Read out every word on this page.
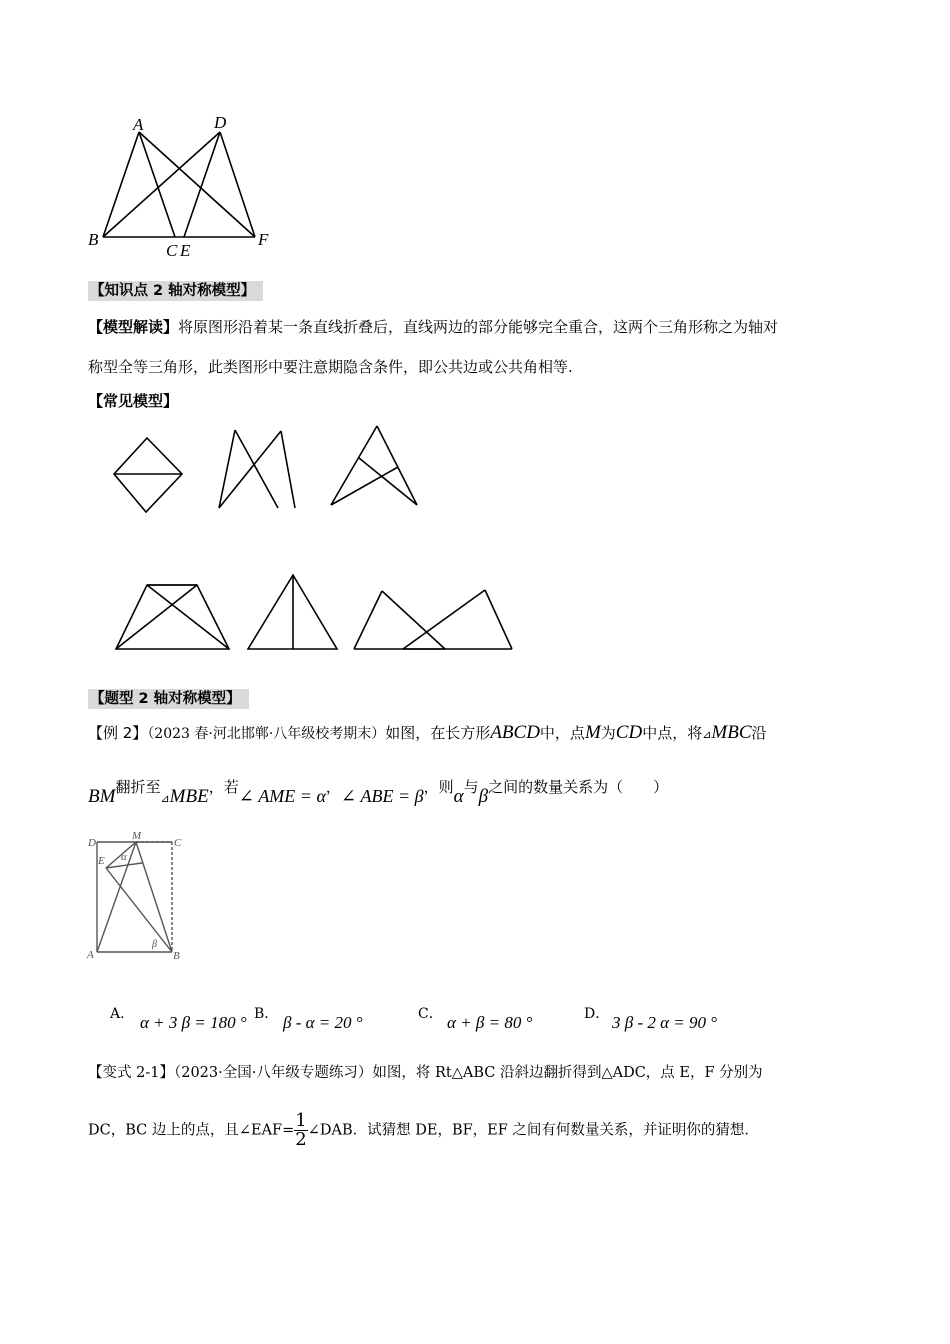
A	D
B
C E
F
【知识点 2 轴对称模型】
【模型解读】将原图形沿着某一条直线折叠后，直线两边的部分能够完全重合，这两个三角形称之为轴对
称型全等三角形，此类图形中要注意期隐含条件，即公共边或公共角相等.
【常见模型】
【题型 2 轴对称模型】
【例 2】（2023 春·河北邯郸·八年级校考期末）如图，在长方形ABCD中，点M为CD中点，将⊿MBC沿
BM翻折至$_⊿$MBE，若∠ AME = α，∠ ABE = β，则α与β之间的数量关系为（　　）
D
M
C
E α
A	B
β
A． α + 3 β = 180 ° B． β - α = 20 °	C． α + β = 80 °	D． 3 β - 2 α = 90 °
【变式 2-1】（2023·全国·八年级专题练习）如图，将 Rt△ABC 沿斜边翻折得到△ADC，点 E，F 分别为
DC，BC 边上的点，且∠EAF= $\frac{1}{2}$ ∠DAB．试猜想 DE，BF，EF 之间有何数量关系，并证明你的猜想．
